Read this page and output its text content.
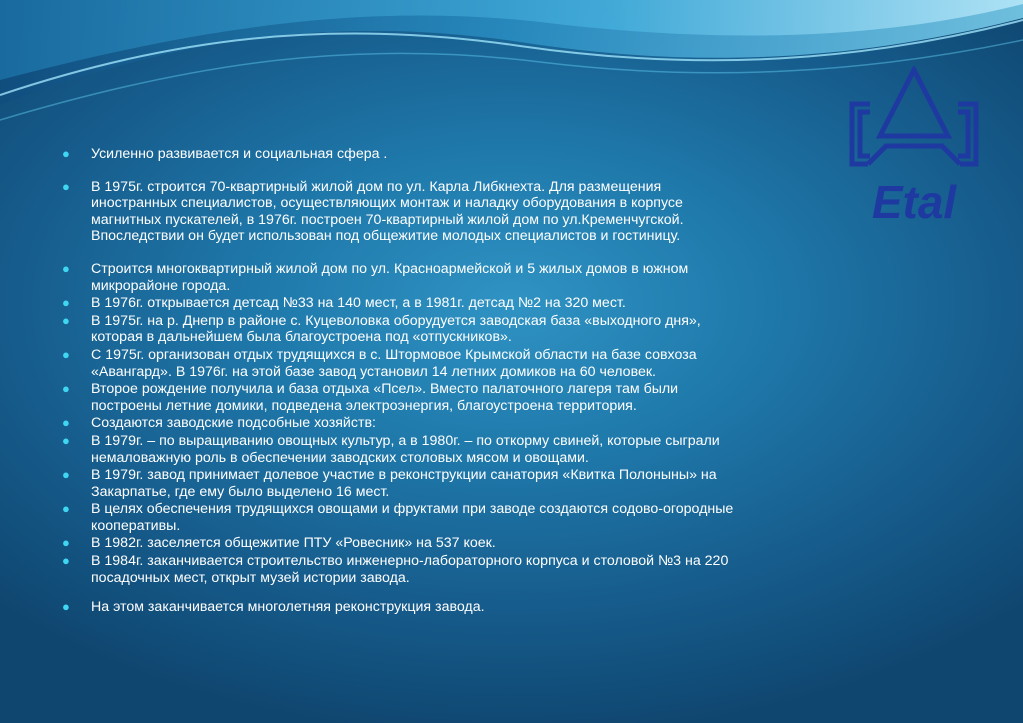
Etal
● Усиленно развивается и социальная сфера .
● В 1975г. строится 70-квартирный жилой дом по ул. Карла Либкнехта. Для размещения
иностранных специалистов, осуществляющих монтаж и наладку оборудования в корпусе
магнитных пускателей, в 1976г. построен 70-квартирный жилой дом по ул.Кременчугской.
Впоследствии он будет использован под общежитие молодых специалистов и гостиницу.
● Строится многоквартирный жилой дом по ул. Красноармейской и 5 жилых домов в южном
микрорайоне города.
● В 1976г. открывается детсад №33 на 140 мест, а в 1981г. детсад №2 на 320 мест.
● В 1975г. на р. Днепр в районе с. Куцеволовка оборудуется заводская база «выходного дня»,
которая в дальнейшем была благоустроена под «отпускников».
● С 1975г. организован отдых трудящихся в с. Штормовое Крымской области на базе совхоза
«Авангард». В 1976г. на этой базе завод установил 14 летних домиков на 60 человек.
● Второе рождение получила и база отдыха «Псел». Вместо палаточного лагеря там были
построены летние домики, подведена электроэнергия, благоустроена территория.
● Создаются заводские подсобные хозяйств:
● В 1979г. – по выращиванию овощных культур, а в 1980г. – по откорму свиней, которые сыграли
немаловажную роль в обеспечении заводских столовых мясом и овощами.
● В 1979г. завод принимает долевое участие в реконструкции санатория «Квитка Полоныны» на
Закарпатье, где ему было выделено 16 мест.
● В целях обеспечения трудящихся овощами и фруктами при заводе создаются содово-огородные
кооперативы.
● В 1982г. заселяется общежитие ПТУ «Ровесник» на 537 коек.
● В 1984г. заканчивается строительство инженерно-лабораторного корпуса и столовой №3 на 220
посадочных мест, открыт музей истории завода.
● На этом заканчивается многолетняя реконструкция завода.
